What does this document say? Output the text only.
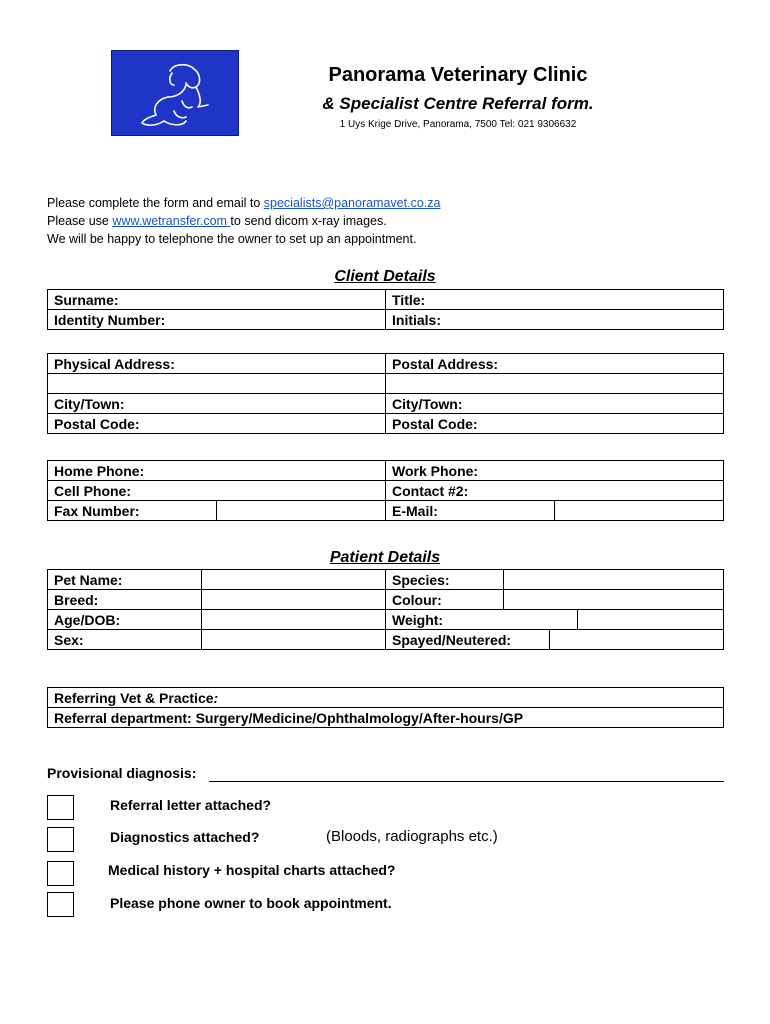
Panorama Veterinary Clinic
& Specialist Centre Referral form.
1 Uys Krige Drive, Panorama, 7500 Tel: 021 9306632
Please complete the form and email to specialists@panoramavet.co.za
Please use www.wetransfer.com to send dicom x-ray images.
We will be happy to telephone the owner to set up an appointment.
Client Details
Surname:	Title:
Identity Number:	Initials:
Physical Address:	Postal Address:

City/Town:	City/Town:
Postal Code:	Postal Code:
Home Phone:		Work Phone:	
Cell Phone:		Contact #2:	
Fax Number:		E-Mail:	
Patient Details
Pet Name:		Species:			
Breed:		Colour:			
Age/DOB:		Weight:			
Sex:		Spayed/Neutered:			
Referring Vet & Practice:
Referral department: Surgery/Medicine/Ophthalmology/After-hours/GP
Provisional diagnosis:
Referral letter attached?
Diagnostics attached?	(Bloods, radiographs etc.)
Medical history + hospital charts attached?
Please phone owner to book appointment.
